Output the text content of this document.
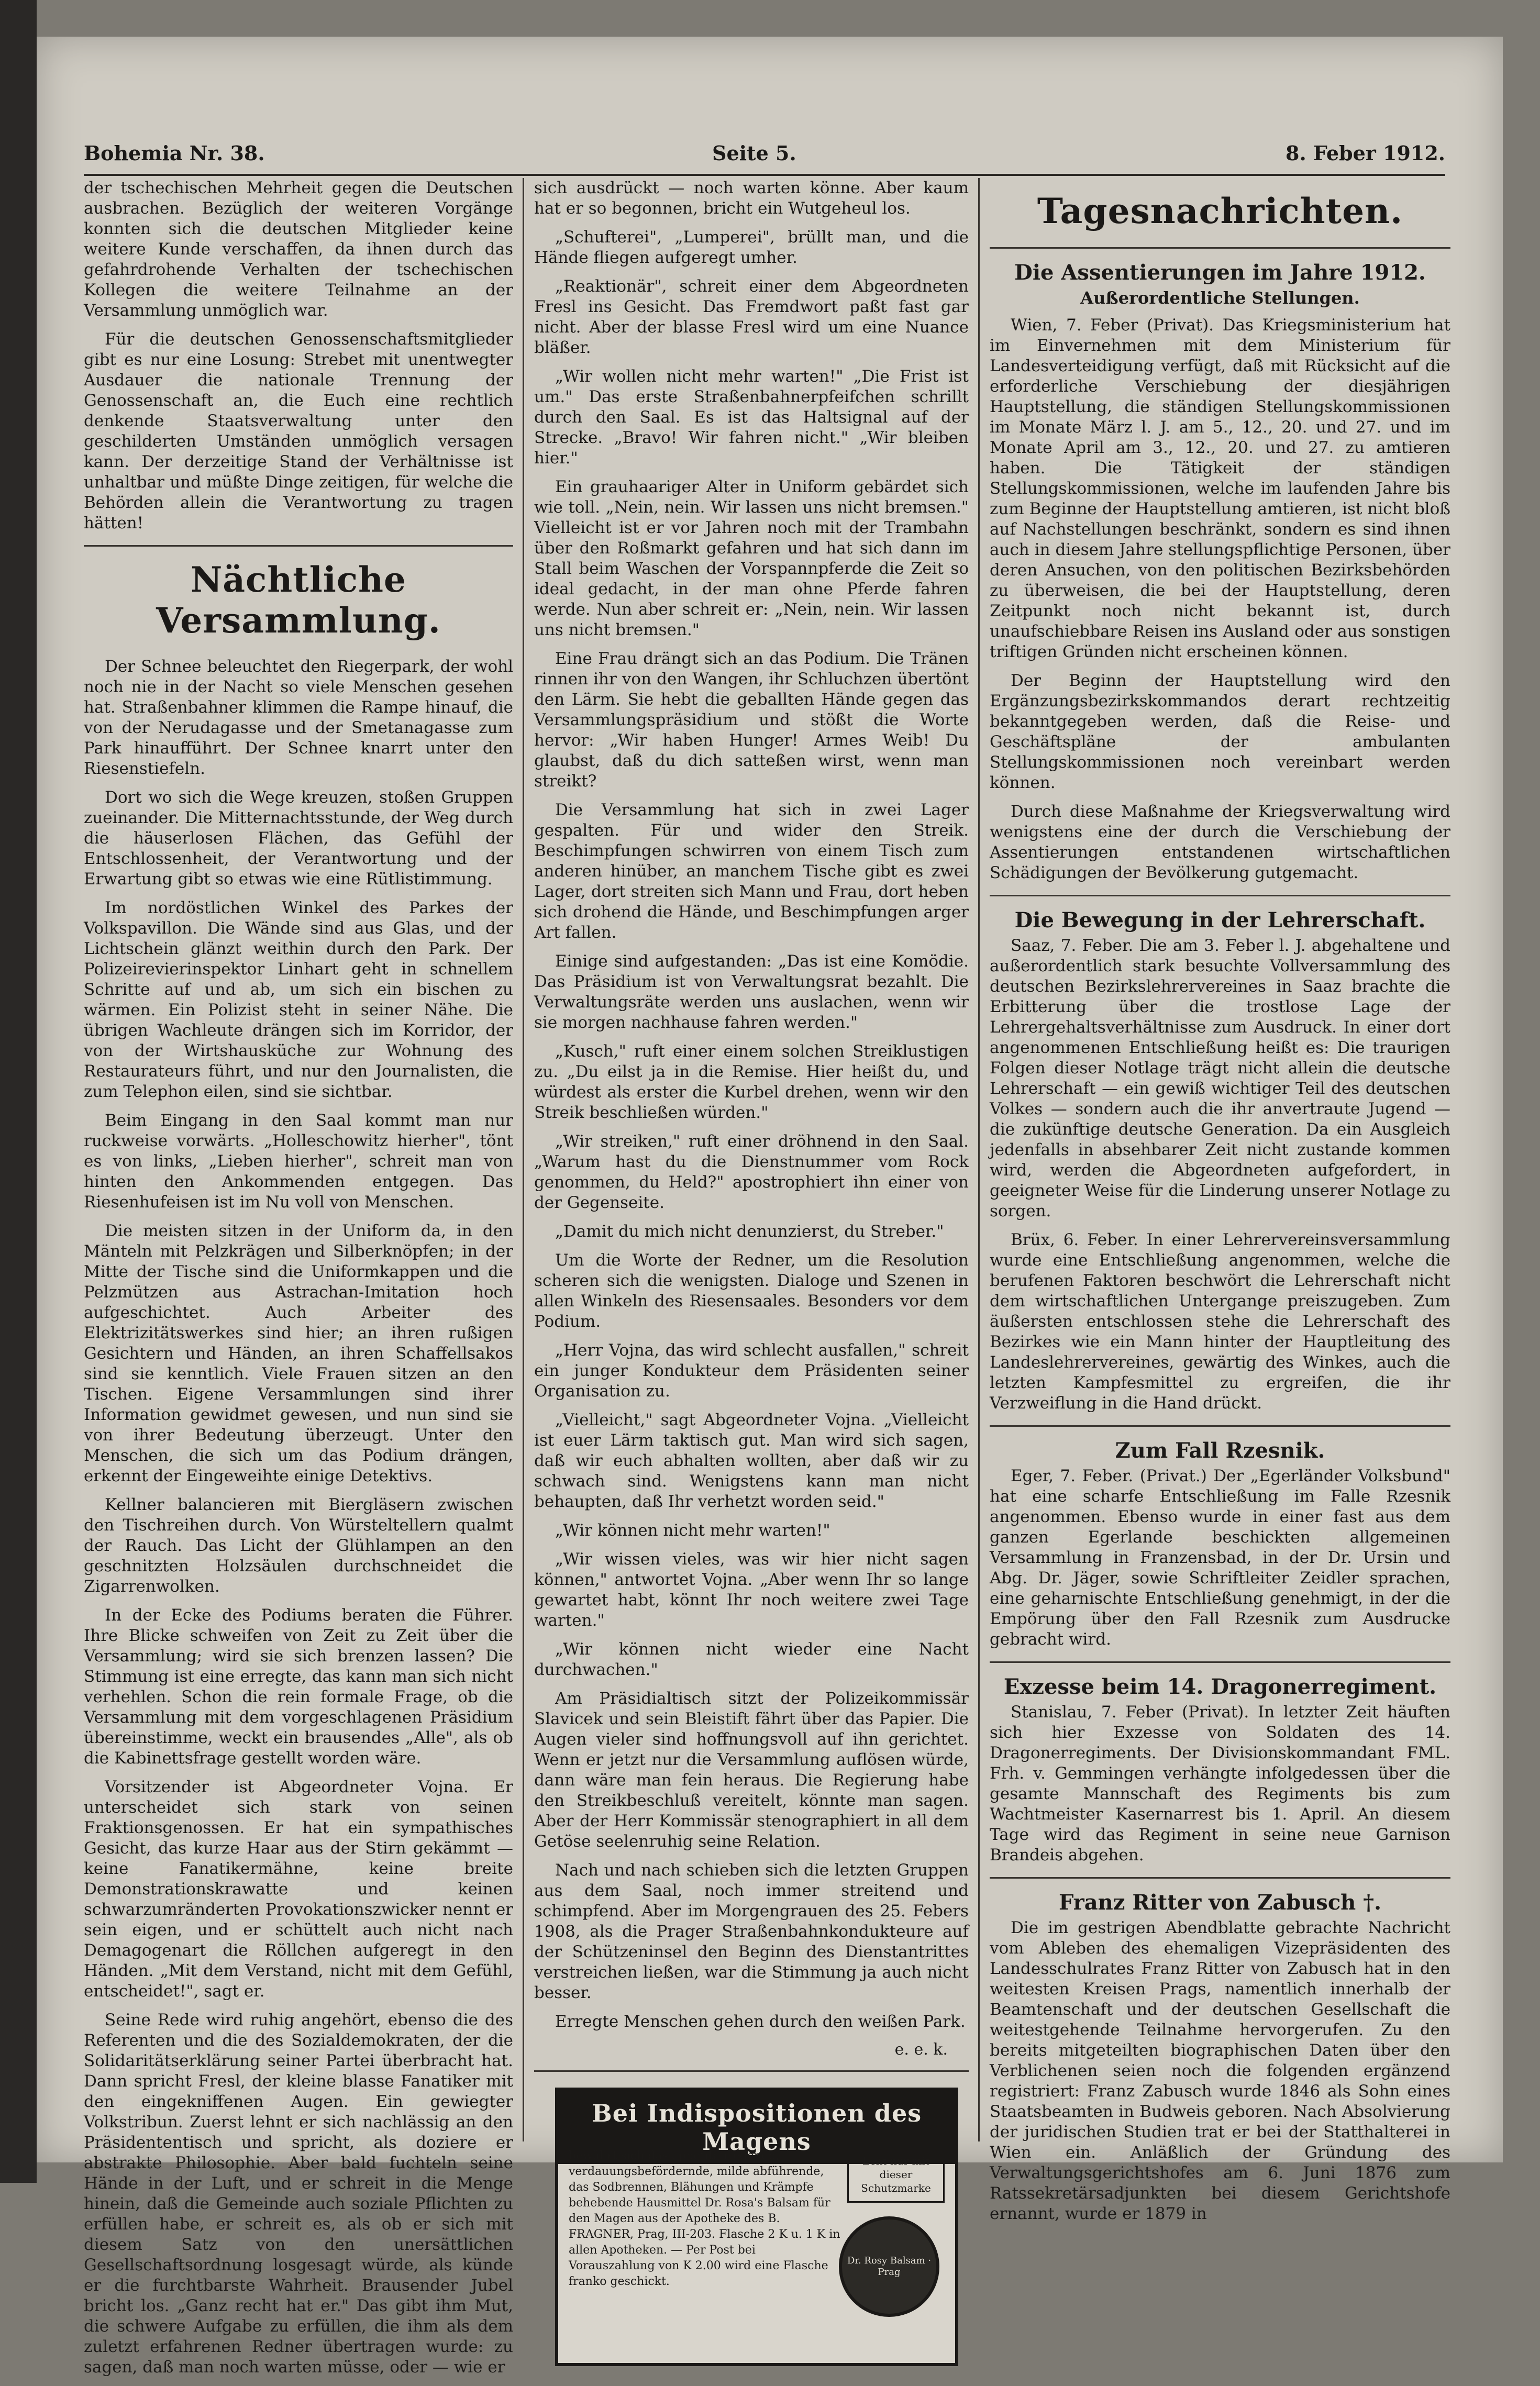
Bohemia Nr. 38.	Seite 5.	8. Feber 1912.

der tschechischen Mehrheit gegen die Deutschen ausbrachen. Bezüglich der weiteren Vorgänge konnten sich die deutschen Mitglieder keine weitere Kunde verschaffen, da ihnen durch das gefahrdrohende Verhalten der tschechischen Kollegen die weitere Teilnahme an der Versammlung unmöglich war.

Für die deutschen Genossenschaftsmitglieder gibt es nur eine Losung: Strebet mit unentwegter Ausdauer die nationale Trennung der Genossenschaft an, die Euch eine rechtlich denkende Staatsverwaltung unter den geschilderten Umständen unmöglich versagen kann. Der derzeitige Stand der Verhältnisse ist unhaltbar und müßte Dinge zeitigen, für welche die Behörden allein die Verantwortung zu tragen hätten!

Nächtliche Versammlung.

Der Schnee beleuchtet den Riegerpark, der wohl noch nie in der Nacht so viele Menschen gesehen hat. Straßenbahner klimmen die Rampe hinauf, die von der Nerudagasse und der Smetanagasse zum Park hinaufführt. Der Schnee knarrt unter den Riesenstiefeln.

Dort wo sich die Wege kreuzen, stoßen Gruppen zueinander. Die Mitternachtsstunde, der Weg durch die häuserlosen Flächen, das Gefühl der Entschlossenheit, der Verantwortung und der Erwartung gibt so etwas wie eine Rütlistimmung.

Im nordöstlichen Winkel des Parkes der Volkspavillon. Die Wände sind aus Glas, und der Lichtschein glänzt weithin durch den Park. Der Polizeirevierinspektor Linhart geht in schnellem Schritte auf und ab, um sich ein bischen zu wärmen. Ein Polizist steht in seiner Nähe. Die übrigen Wachleute drängen sich im Korridor, der von der Wirtshausküche zur Wohnung des Restaurateurs führt, und nur den Journalisten, die zum Telephon eilen, sind sie sichtbar.

Beim Eingang in den Saal kommt man nur ruckweise vorwärts. „Holleschowitz hierher", tönt es von links, „Lieben hierher", schreit man von hinten den Ankommenden entgegen. Das Riesenhufeisen ist im Nu voll von Menschen.

Die meisten sitzen in der Uniform da, in den Mänteln mit Pelzkrägen und Silberknöpfen; in der Mitte der Tische sind die Uniformkappen und die Pelzmützen aus Astrachan-Imitation hoch aufgeschichtet. Auch Arbeiter des Elektrizitätswerkes sind hier; an ihren rußigen Gesichtern und Händen, an ihren Schaffellsakos sind sie kenntlich. Viele Frauen sitzen an den Tischen. Eigene Versammlungen sind ihrer Information gewidmet gewesen, und nun sind sie von ihrer Bedeutung überzeugt. Unter den Menschen, die sich um das Podium drängen, erkennt der Eingeweihte einige Detektivs.

Kellner balancieren mit Biergläsern zwischen den Tischreihen durch. Von Würsteltellern qualmt der Rauch. Das Licht der Glühlampen an den geschnitzten Holzsäulen durchschneidet die Zigarrenwolken.

In der Ecke des Podiums beraten die Führer. Ihre Blicke schweifen von Zeit zu Zeit über die Versammlung; wird sie sich brenzen lassen? Die Stimmung ist eine erregte, das kann man sich nicht verhehlen. Schon die rein formale Frage, ob die Versammlung mit dem vorgeschlagenen Präsidium übereinstimme, weckt ein brausendes „Alle", als ob die Kabinettsfrage gestellt worden wäre.

Vorsitzender ist Abgeordneter Vojna. Er unterscheidet sich stark von seinen Fraktionsgenossen. Er hat ein sympathisches Gesicht, das kurze Haar aus der Stirn gekämmt — keine Fanatikermähne, keine breite Demonstrationskrawatte und keinen schwarzumränderten Provokationszwicker nennt er sein eigen, und er schüttelt auch nicht nach Demagogenart die Röllchen aufgeregt in den Händen. „Mit dem Verstand, nicht mit dem Gefühl, entscheidet!", sagt er.

Seine Rede wird ruhig angehört, ebenso die des Referenten und die des Sozialdemokraten, der die Solidaritätserklärung seiner Partei überbracht hat. Dann spricht Fresl, der kleine blasse Fanatiker mit den eingekniffenen Augen. Ein gewiegter Volkstribun. Zuerst lehnt er sich nachlässig an den Präsidententisch und spricht, als doziere er abstrakte Philosophie. Aber bald fuchteln seine Hände in der Luft, und er schreit in die Menge hinein, daß die Gemeinde auch soziale Pflichten zu erfüllen habe, er schreit es, als ob er sich mit diesem Satz von den unersättlichen Gesellschaftsordnung losgesagt würde, als künde er die furchtbarste Wahrheit. Brausender Jubel bricht los. „Ganz recht hat er." Das gibt ihm Mut, die schwere Aufgabe zu erfüllen, die ihm als dem zuletzt erfahrenen Redner übertragen wurde: zu sagen, daß man noch warten müsse, oder — wie er

sich ausdrückt — noch warten könne. Aber kaum hat er so begonnen, bricht ein Wutgeheul los.

„Schufterei", „Lumperei", brüllt man, und die Hände fliegen aufgeregt umher.

„Reaktionär", schreit einer dem Abgeordneten Fresl ins Gesicht. Das Fremdwort paßt fast gar nicht. Aber der blasse Fresl wird um eine Nuance bläßer.

„Wir wollen nicht mehr warten!" „Die Frist ist um." Das erste Straßenbahnerpfeifchen schrillt durch den Saal. Es ist das Haltsignal auf der Strecke. „Bravo! Wir fahren nicht." „Wir bleiben hier."

Ein grauhaariger Alter in Uniform gebärdet sich wie toll. „Nein, nein. Wir lassen uns nicht bremsen." Vielleicht ist er vor Jahren noch mit der Trambahn über den Roßmarkt gefahren und hat sich dann im Stall beim Waschen der Vorspannpferde die Zeit so ideal gedacht, in der man ohne Pferde fahren werde. Nun aber schreit er: „Nein, nein. Wir lassen uns nicht bremsen."

Eine Frau drängt sich an das Podium. Die Tränen rinnen ihr von den Wangen, ihr Schluchzen übertönt den Lärm. Sie hebt die geballten Hände gegen das Versammlungspräsidium und stößt die Worte hervor: „Wir haben Hunger! Armes Weib! Du glaubst, daß du dich satteßen wirst, wenn man streikt?

Die Versammlung hat sich in zwei Lager gespalten. Für und wider den Streik. Beschimpfungen schwirren von einem Tisch zum anderen hinüber, an manchem Tische gibt es zwei Lager, dort streiten sich Mann und Frau, dort heben sich drohend die Hände, und Beschimpfungen arger Art fallen.

Einige sind aufgestanden: „Das ist eine Komödie. Das Präsidium ist von Verwaltungsrat bezahlt. Die Verwaltungsräte werden uns auslachen, wenn wir sie morgen nachhause fahren werden."

„Kusch," ruft einer einem solchen Streiklustigen zu. „Du eilst ja in die Remise. Hier heißt du, und würdest als erster die Kurbel drehen, wenn wir den Streik beschließen würden."

„Wir streiken," ruft einer dröhnend in den Saal. „Warum hast du die Dienstnummer vom Rock genommen, du Held?" apostrophiert ihn einer von der Gegenseite.

„Damit du mich nicht denunzierst, du Streber."

Um die Worte der Redner, um die Resolution scheren sich die wenigsten. Dialoge und Szenen in allen Winkeln des Riesensaales. Besonders vor dem Podium.

„Herr Vojna, das wird schlecht ausfallen," schreit ein junger Kondukteur dem Präsidenten seiner Organisation zu.

„Vielleicht," sagt Abgeordneter Vojna. „Vielleicht ist euer Lärm taktisch gut. Man wird sich sagen, daß wir euch abhalten wollten, aber daß wir zu schwach sind. Wenigstens kann man nicht behaupten, daß Ihr verhetzt worden seid."

„Wir können nicht mehr warten!"

„Wir wissen vieles, was wir hier nicht sagen können," antwortet Vojna. „Aber wenn Ihr so lange gewartet habt, könnt Ihr noch weitere zwei Tage warten."

„Wir können nicht wieder eine Nacht durchwachen."

Am Präsidialtisch sitzt der Polizeikommissär Slavicek und sein Bleistift fährt über das Papier. Die Augen vieler sind hoffnungsvoll auf ihn gerichtet. Wenn er jetzt nur die Versammlung auflösen würde, dann wäre man fein heraus. Die Regierung habe den Streikbeschluß vereitelt, könnte man sagen. Aber der Herr Kommissär stenographiert in all dem Getöse seelenruhig seine Relation.

Nach und nach schieben sich die letzten Gruppen aus dem Saal, noch immer streitend und schimpfend. Aber im Morgengrauen des 25. Febers 1908, als die Prager Straßenbahnkondukteure auf der Schützeninsel den Beginn des Dienstantrittes verstreichen ließen, war die Stimmung ja auch nicht besser.

Erregte Menschen gehen durch den weißen Park.

e. e. k.
Bei Indispositionen des Magens
bewährt sich das appetitanregende, verdauungsbefördernde, milde abführende, das Sodbrennen, Blähungen und Krämpfe behebende Hausmittel Dr. Rosa's Balsam für den Magen aus der Apotheke des B. FRAGNER, Prag, III-203. Flasche 2 K u. 1 K in allen Apotheken. — Per Post bei Vorauszahlung von K 2.00 wird eine Flasche franko geschickt.
Echt nur mit dieser Schutzmarke
Dr. Rosy Balsam · Prag
Tagesnachrichten.
Die Assentierungen im Jahre 1912.
Außerordentliche Stellungen.

Wien, 7. Feber (Privat). Das Kriegsministerium hat im Einvernehmen mit dem Ministerium für Landesverteidigung verfügt, daß mit Rücksicht auf die erforderliche Verschiebung der diesjährigen Hauptstellung, die ständigen Stellungskommissionen im Monate März l. J. am 5., 12., 20. und 27. und im Monate April am 3., 12., 20. und 27. zu amtieren haben. Die Tätigkeit der ständigen Stellungskommissionen, welche im laufenden Jahre bis zum Beginne der Hauptstellung amtieren, ist nicht bloß auf Nachstellungen beschränkt, sondern es sind ihnen auch in diesem Jahre stellungspflichtige Personen, über deren Ansuchen, von den politischen Bezirksbehörden zu überweisen, die bei der Hauptstellung, deren Zeitpunkt noch nicht bekannt ist, durch unaufschiebbare Reisen ins Ausland oder aus sonstigen triftigen Gründen nicht erscheinen können.

Der Beginn der Hauptstellung wird den Ergänzungsbezirkskommandos derart rechtzeitig bekanntgegeben werden, daß die Reise- und Geschäftspläne der ambulanten Stellungskommissionen noch vereinbart werden können.

Durch diese Maßnahme der Kriegsverwaltung wird wenigstens eine der durch die Verschiebung der Assentierungen entstandenen wirtschaftlichen Schädigungen der Bevölkerung gutgemacht.

Die Bewegung in der Lehrerschaft.

Saaz, 7. Feber. Die am 3. Feber l. J. abgehaltene und außerordentlich stark besuchte Vollversammlung des deutschen Bezirkslehrervereines in Saaz brachte die Erbitterung über die trostlose Lage der Lehrergehaltsverhältnisse zum Ausdruck. In einer dort angenommenen Entschließung heißt es: Die traurigen Folgen dieser Notlage trägt nicht allein die deutsche Lehrerschaft — ein gewiß wichtiger Teil des deutschen Volkes — sondern auch die ihr anvertraute Jugend — die zukünftige deutsche Generation. Da ein Ausgleich jedenfalls in absehbarer Zeit nicht zustande kommen wird, werden die Abgeordneten aufgefordert, in geeigneter Weise für die Linderung unserer Notlage zu sorgen.

Brüx, 6. Feber. In einer Lehrervereinsversammlung wurde eine Entschließung angenommen, welche die berufenen Faktoren beschwört die Lehrerschaft nicht dem wirtschaftlichen Untergange preiszugeben. Zum äußersten entschlossen stehe die Lehrerschaft des Bezirkes wie ein Mann hinter der Hauptleitung des Landeslehrervereines, gewärtig des Winkes, auch die letzten Kampfesmittel zu ergreifen, die ihr Verzweiflung in die Hand drückt.

Zum Fall Rzesnik.

Eger, 7. Feber. (Privat.) Der „Egerländer Volksbund" hat eine scharfe Entschließung im Falle Rzesnik angenommen. Ebenso wurde in einer fast aus dem ganzen Egerlande beschickten allgemeinen Versammlung in Franzensbad, in der Dr. Ursin und Abg. Dr. Jäger, sowie Schriftleiter Zeidler sprachen, eine geharnischte Entschließung genehmigt, in der die Empörung über den Fall Rzesnik zum Ausdrucke gebracht wird.

Exzesse beim 14. Dragonerregiment.

Stanislau, 7. Feber (Privat). In letzter Zeit häuften sich hier Exzesse von Soldaten des 14. Dragonerregiments. Der Divisionskommandant FML. Frh. v. Gemmingen verhängte infolgedessen über die gesamte Mannschaft des Regiments bis zum Wachtmeister Kasernarrest bis 1. April. An diesem Tage wird das Regiment in seine neue Garnison Brandeis abgehen.

Franz Ritter von Zabusch †.

Die im gestrigen Abendblatte gebrachte Nachricht vom Ableben des ehemaligen Vizepräsidenten des Landesschulrates Franz Ritter von Zabusch hat in den weitesten Kreisen Prags, namentlich innerhalb der Beamtenschaft und der deutschen Gesellschaft die weitestgehende Teilnahme hervorgerufen. Zu den bereits mitgeteilten biographischen Daten über den Verblichenen seien noch die folgenden ergänzend registriert: Franz Zabusch wurde 1846 als Sohn eines Staatsbeamten in Budweis geboren. Nach Absolvierung der juridischen Studien trat er bei der Statthalterei in Wien ein. Anläßlich der Gründung des Verwaltungsgerichtshofes am 6. Juni 1876 zum Ratssekretärsadjunkten bei diesem Gerichtshofe ernannt, wurde er 1879 in
